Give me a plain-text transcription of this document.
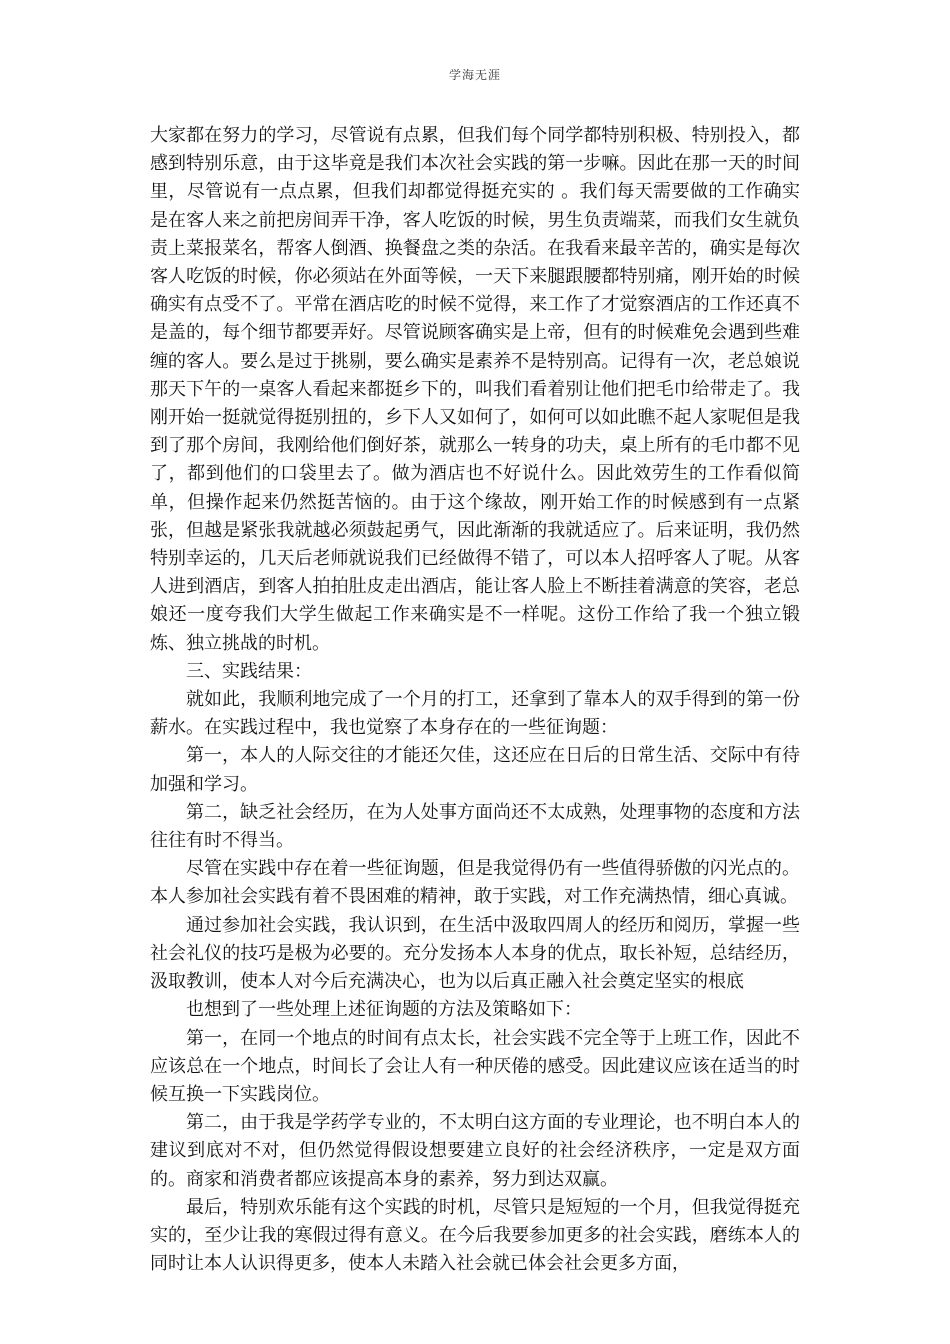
学海无涯

大家都在努力的学习，尽管说有点累，但我们每个同学都特别积极、特别投入，都感到特别乐意，由于这毕竟是我们本次社会实践的第一步嘛。因此在那一天的时间里，尽管说有一点点累，但我们却都觉得挺充实的 。我们每天需要做的工作确实是在客人来之前把房间弄干净，客人吃饭的时候，男生负责端菜，而我们女生就负责上菜报菜名，帮客人倒酒、换餐盘之类的杂活。在我看来最辛苦的，确实是每次客人吃饭的时候，你必须站在外面等候，一天下来腿跟腰都特别痛，刚开始的时候确实有点受不了。平常在酒店吃的时候不觉得，来工作了才觉察酒店的工作还真不是盖的，每个细节都要弄好。尽管说顾客确实是上帝，但有的时候难免会遇到些难缠的客人。要么是过于挑剔，要么确实是素养不是特别高。记得有一次，老总娘说那天下午的一桌客人看起来都挺乡下的，叫我们看着别让他们把毛巾给带走了。我刚开始一挺就觉得挺别扭的，乡下人又如何了，如何可以如此瞧不起人家呢但是我到了那个房间，我刚给他们倒好茶，就那么一转身的功夫，桌上所有的毛巾都不见了，都到他们的口袋里去了。做为酒店也不好说什么。因此效劳生的工作看似简单，但操作起来仍然挺苦恼的。由于这个缘故，刚开始工作的时候感到有一点紧张，但越是紧张我就越必须鼓起勇气，因此渐渐的我就适应了。后来证明，我仍然特别幸运的，几天后老师就说我们已经做得不错了，可以本人招呼客人了呢。从客人进到酒店，到客人拍拍肚皮走出酒店，能让客人脸上不断挂着满意的笑容，老总娘还一度夸我们大学生做起工作来确实是不一样呢。这份工作给了我一个独立锻炼、独立挑战的时机。

三、实践结果：

就如此，我顺利地完成了一个月的打工，还拿到了靠本人的双手得到的第一份薪水。在实践过程中，我也觉察了本身存在的一些征询题：

第一，本人的人际交往的才能还欠佳，这还应在日后的日常生活、交际中有待加强和学习。

第二，缺乏社会经历，在为人处事方面尚还不太成熟，处理事物的态度和方法往往有时不得当。

尽管在实践中存在着一些征询题，但是我觉得仍有一些值得骄傲的闪光点的。本人参加社会实践有着不畏困难的精神，敢于实践，对工作充满热情，细心真诚。

通过参加社会实践，我认识到，在生活中汲取四周人的经历和阅历，掌握一些社会礼仪的技巧是极为必要的。充分发扬本人本身的优点，取长补短，总结经历，汲取教训，使本人对今后充满决心，也为以后真正融入社会奠定坚实的根底

也想到了一些处理上述征询题的方法及策略如下：

第一，在同一个地点的时间有点太长，社会实践不完全等于上班工作，因此不应该总在一个地点，时间长了会让人有一种厌倦的感受。因此建议应该在适当的时候互换一下实践岗位。

第二，由于我是学药学专业的，不太明白这方面的专业理论，也不明白本人的建议到底对不对，但仍然觉得假设想要建立良好的社会经济秩序，一定是双方面的。商家和消费者都应该提高本身的素养，努力到达双赢。

最后，特别欢乐能有这个实践的时机，尽管只是短短的一个月，但我觉得挺充实的，至少让我的寒假过得有意义。在今后我要参加更多的社会实践，磨练本人的同时让本人认识得更多，使本人未踏入社会就已体会社会更多方面，
